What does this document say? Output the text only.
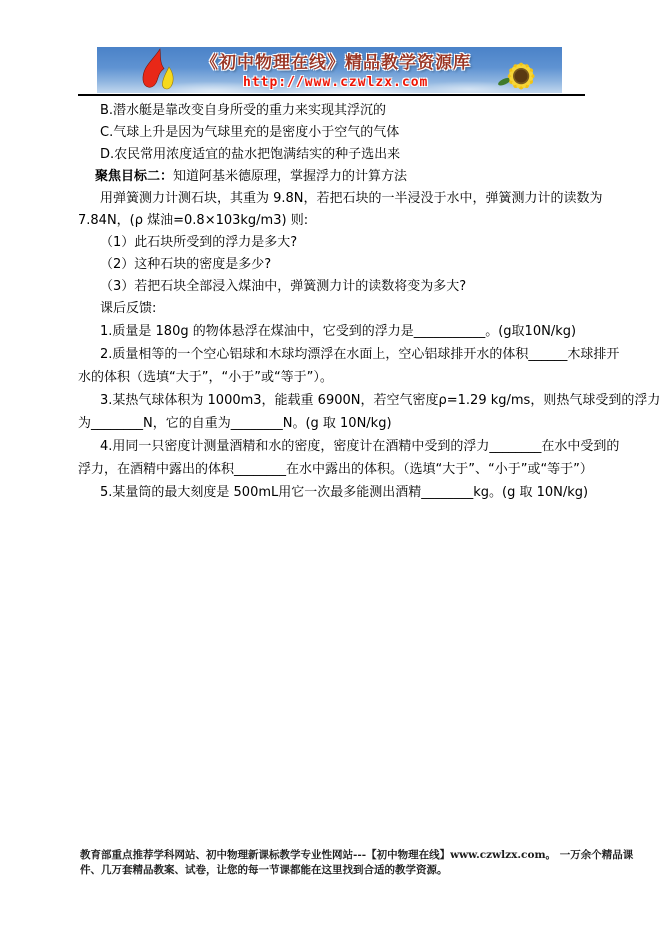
《初中物理在线》精品教学资源库
http://www.czwlzx.com
B.潜水艇是靠改变自身所受的重力来实现其浮沉的
C.气球上升是因为气球里充的是密度小于空气的气体
D.农民常用浓度适宜的盐水把饱满结实的种子选出来
聚焦目标二：知道阿基米德原理，掌握浮力的计算方法
用弹簧测力计测石块，其重为 9.8N，若把石块的一半浸没于水中，弹簧测力计的读数为
7.84N，(ρ 煤油=0.8×103kg/m3) 则:
（1）此石块所受到的浮力是多大?
（2）这种石块的密度是多少?
（3）若把石块全部浸入煤油中，弹簧测力计的读数将变为多大?
课后反馈:
1.质量是 180g 的物体悬浮在煤油中，它受到的浮力是___________。(g取10N/kg)
2.质量相等的一个空心铝球和木球均漂浮在水面上，空心铝球排开水的体积______木球排开
水的体积（选填“大于”，“小于”或“等于”）。
3.某热气球体积为 1000m3，能载重 6900N，若空气密度ρ=1.29 kg/ms，则热气球受到的浮力
为________N，它的自重为________N。(g 取 10N/kg)
4.用同一只密度计测量酒精和水的密度，密度计在酒精中受到的浮力________在水中受到的
浮力，在酒精中露出的体积________在水中露出的体积。（选填“大于”、“小于”或“等于”）
5.某量筒的最大刻度是 500mL用它一次最多能测出酒精________kg。(g 取 10N/kg)
教育部重点推荐学科网站、初中物理新课标教学专业性网站---【初中物理在线】www.czwlzx.com。 一万余个精品课
件、几万套精品教案、试卷，让您的每一节课都能在这里找到合适的教学资源。
